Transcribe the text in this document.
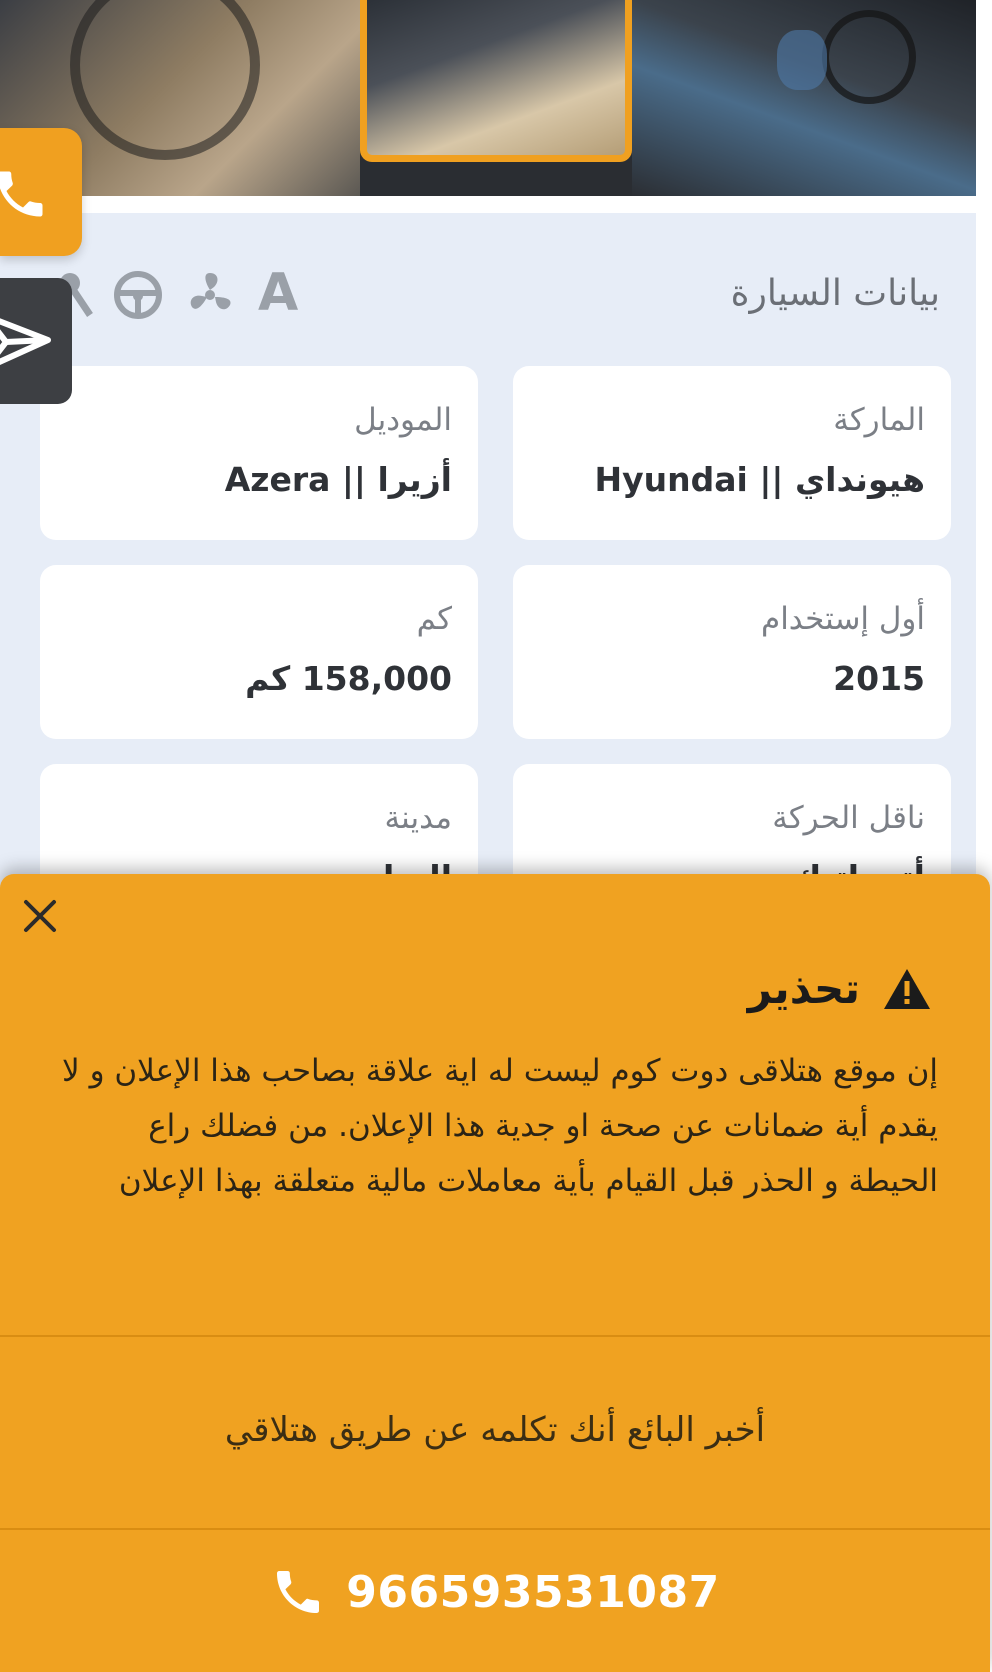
بيانات السيارة
A
الماركة
هيونداي || Hyundai
الموديل
أزيرا || Azera
أول إستخدام
2015
كم
158,000 كم
ناقل الحركة
مدينة
تحذير
إن موقع هتلاقى دوت كوم ليست له اية علاقة بصاحب هذا الإعلان و لا يقدم أية ضمانات عن صحة او جدية هذا الإعلان. من فضلك راع الحيطة و الحذر قبل القيام بأية معاملات مالية متعلقة بهذا الإعلان
أخبر البائع أنك تكلمه عن طريق هتلاقي
966593531087
